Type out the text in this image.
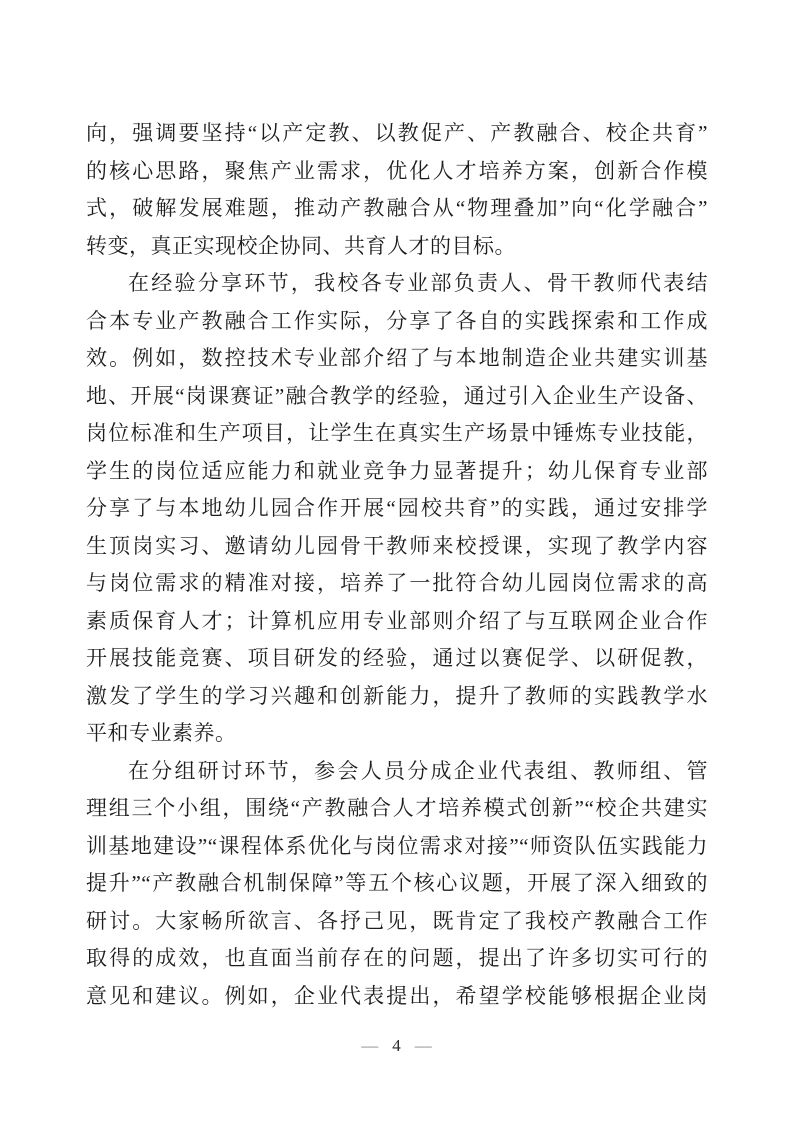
向，强调要坚持“以产定教、以教促产、产教融合、校企共育”
的核心思路，聚焦产业需求，优化人才培养方案，创新合作模
式，破解发展难题，推动产教融合从“物理叠加”向“化学融合”
转变，真正实现校企协同、共育人才的目标。
在经验分享环节，我校各专业部负责人、骨干教师代表结
合本专业产教融合工作实际，分享了各自的实践探索和工作成
效。例如，数控技术专业部介绍了与本地制造企业共建实训基
地、开展“岗课赛证”融合教学的经验，通过引入企业生产设备、
岗位标准和生产项目，让学生在真实生产场景中锤炼专业技能，
学生的岗位适应能力和就业竞争力显著提升；幼儿保育专业部
分享了与本地幼儿园合作开展“园校共育”的实践，通过安排学
生顶岗实习、邀请幼儿园骨干教师来校授课，实现了教学内容
与岗位需求的精准对接，培养了一批符合幼儿园岗位需求的高
素质保育人才；计算机应用专业部则介绍了与互联网企业合作
开展技能竞赛、项目研发的经验，通过以赛促学、以研促教，
激发了学生的学习兴趣和创新能力，提升了教师的实践教学水
平和专业素养。
在分组研讨环节，参会人员分成企业代表组、教师组、管
理组三个小组，围绕“产教融合人才培养模式创新”“校企共建实
训基地建设”“课程体系优化与岗位需求对接”“师资队伍实践能力
提升”“产教融合机制保障”等五个核心议题，开展了深入细致的
研讨。大家畅所欲言、各抒己见，既肯定了我校产教融合工作
取得的成效，也直面当前存在的问题，提出了许多切实可行的
意见和建议。例如，企业代表提出，希望学校能够根据企业岗
— 4 —
